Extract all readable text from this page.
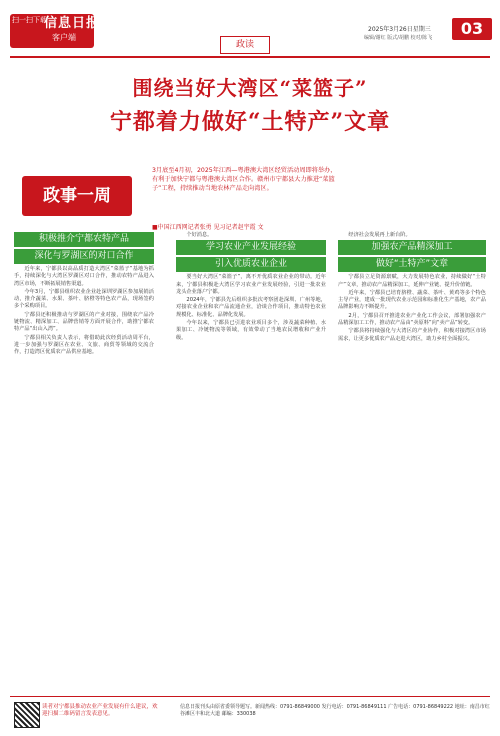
扫一扫下载
信息日报
客户端
政读
2025年3月26日星期三
编辑/谢红 版式/胡鹏 校对/陈飞	03
围绕当好大湾区“菜篮子”
宁都着力做好“土特产”文章
政事一周

3月底至4月初，2025年江西—粤港澳大湾区经贸活动周即将举办，有利于加快宁都与粤港澳大湾区合作。赣州市宁都县大力推进“菜篮子”工程，持续推动当地农林产品走向湾区。

■中国江西网记者张勇 见习记者赵宇霞 文
积极推介宁都农特产品
深化与罗湖区的对口合作

近年来，宁都县以高品质打造大湾区“菜篮子”基地为抓手，持续深化与大湾区罗湖区对口合作，推动农特产品进入湾区市场，不断拓展销售渠道。

今年3月，宁都县组织农业企业赴深圳罗湖区参加展销活动，推介蔬菜、水果、茶叶、脐橙等特色农产品，现场签约多个采购项目。

宁都县还积极推动与罗湖区的产业对接，围绕农产品冷链物流、精深加工、品牌营销等方面开展合作，助推宁都农特产品“出山入湾”。

宁都县相关负责人表示，将借助此次经贸活动周平台，进一步加强与罗湖区在农业、文旅、商贸等领域的交流合作，打造湾区优质农产品供应基地。

个好消息。

学习农业产业发展经验
引入优质农业企业

要当好大湾区“菜篮子”，离不开优质农业企业的带动。近年来，宁都县积极赴大湾区学习农业产业发展经验，引进一批农业龙头企业落户宁都。

2024年，宁都县先后组织多批次考察团赴深圳、广州等地，对接农业企业和农产品流通企业，洽谈合作项目，推动特色农业规模化、标准化、品牌化发展。

今年以来，宁都县已引进农业项目多个，涉及蔬菜种植、水果加工、冷链物流等领域，有效带动了当地农民增收和产业升级。

经济社会发展再上新台阶。

加强农产品精深加工
做好“土特产”文章

宁都县立足资源禀赋，大力发展特色农业，持续做好“土特产”文章，推动农产品精深加工，延伸产业链、提升价值链。

近年来，宁都县已培育脐橙、蔬菜、茶叶、黄鸡等多个特色主导产业，建成一批现代农业示范园和标准化生产基地，农产品品牌影响力不断提升。

2月，宁都县召开推进农业产业化工作会议，部署加强农产品精深加工工作，推动农产品由“卖原料”向“卖产品”转变。

宁都县将持续强化与大湾区的产业协作，积极对接湾区市场需求，让更多优质农产品走进大湾区，助力乡村全面振兴。

读者对宁都县推动农业产业发展有什么建议，欢迎扫描二维码留言发表意见。
信息日报刊头由原省委领导题写。新闻热线：0791-86849000 发行电话：0791-86849111 广告电话：0791-86849222 地址：南昌市红谷滩区丰和北大道 邮编：330038
